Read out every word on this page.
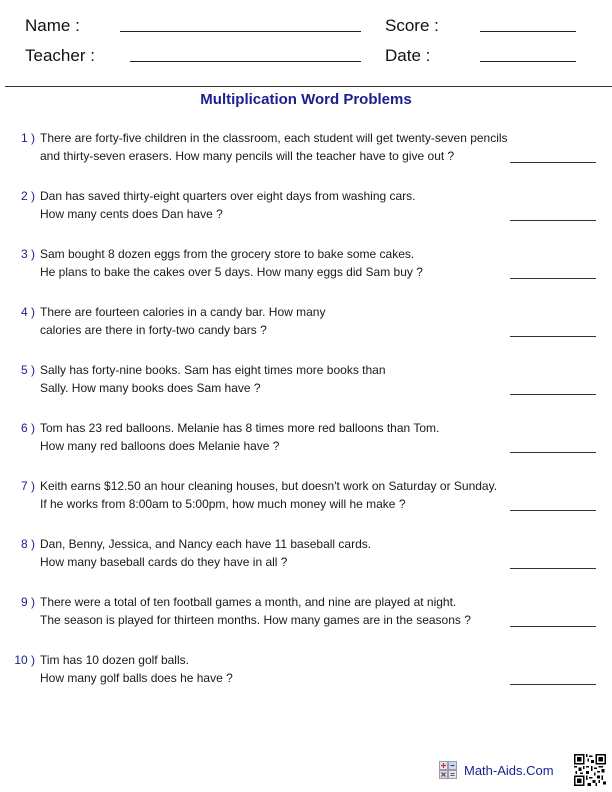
Name :	Score :
Teacher :	Date :
Multiplication Word Problems
1 ) There are forty-five children in the classroom, each student will get twenty-seven pencils
and thirty-seven erasers. How many pencils will the teacher have to give out ?
2 ) Dan has saved thirty-eight quarters over eight days from washing cars.
How many cents does Dan have ?
3 ) Sam bought 8 dozen eggs from the grocery store to bake some cakes.
He plans to bake the cakes over 5 days. How many eggs did Sam buy ?
4 ) There are fourteen calories in a candy bar. How many
calories are there in forty-two candy bars ?
5 ) Sally has forty-nine books. Sam has eight times more books than
Sally. How many books does Sam have ?
6 ) Tom has 23 red balloons. Melanie has 8 times more red balloons than Tom.
How many red balloons does Melanie have ?
7 ) Keith earns $12.50 an hour cleaning houses, but doesn't work on Saturday or Sunday.
If he works from 8:00am to 5:00pm, how much money will he make ?
8 ) Dan, Benny, Jessica, and Nancy each have 11 baseball cards.
How many baseball cards do they have in all ?
9 ) There were a total of ten football games a month, and nine are played at night.
The season is played for thirteen months. How many games are in the seasons ?
10 ) Tim has 10 dozen golf balls.
How many golf balls does he have ?
Math-Aids.Com
